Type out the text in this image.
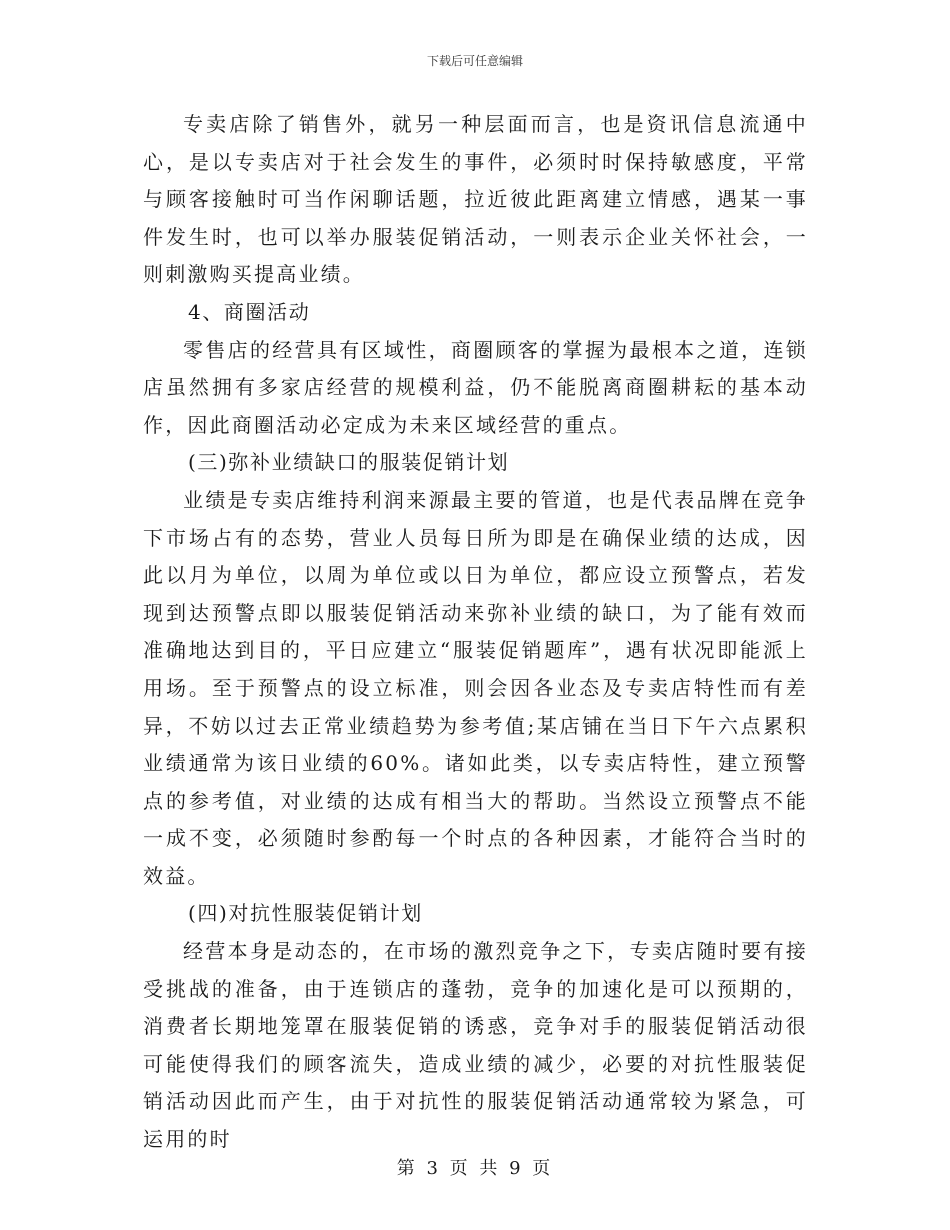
下载后可任意编辑

专卖店除了销售外，就另一种层面而言，也是资讯信息流通中心，是以专卖店对于社会发生的事件，必须时时保持敏感度，平常与顾客接触时可当作闲聊话题，拉近彼此距离建立情感，遇某一事件发生时，也可以举办服装促销活动，一则表示企业关怀社会，一则刺激购买提高业绩。

4、商圈活动

零售店的经营具有区域性，商圈顾客的掌握为最根本之道，连锁店虽然拥有多家店经营的规模利益，仍不能脱离商圈耕耘的基本动作，因此商圈活动必定成为未来区域经营的重点。

(三)弥补业绩缺口的服装促销计划

业绩是专卖店维持利润来源最主要的管道，也是代表品牌在竞争下市场占有的态势，营业人员每日所为即是在确保业绩的达成，因此以月为单位，以周为单位或以日为单位，都应设立预警点，若发现到达预警点即以服装促销活动来弥补业绩的缺口，为了能有效而准确地达到目的，平日应建立“服装促销题库”，遇有状况即能派上用场。至于预警点的设立标准，则会因各业态及专卖店特性而有差异，不妨以过去正常业绩趋势为参考值;某店铺在当日下午六点累积业绩通常为该日业绩的60%。诸如此类，以专卖店特性，建立预警点的参考值，对业绩的达成有相当大的帮助。当然设立预警点不能一成不变，必须随时参酌每一个时点的各种因素，才能符合当时的效益。

(四)对抗性服装促销计划

经营本身是动态的，在市场的激烈竞争之下，专卖店随时要有接受挑战的准备，由于连锁店的蓬勃，竞争的加速化是可以预期的，消费者长期地笼罩在服装促销的诱惑，竞争对手的服装促销活动很可能使得我们的顾客流失，造成业绩的减少，必要的对抗性服装促销活动因此而产生，由于对抗性的服装促销活动通常较为紧急，可运用的时

第 3 页 共 9 页
